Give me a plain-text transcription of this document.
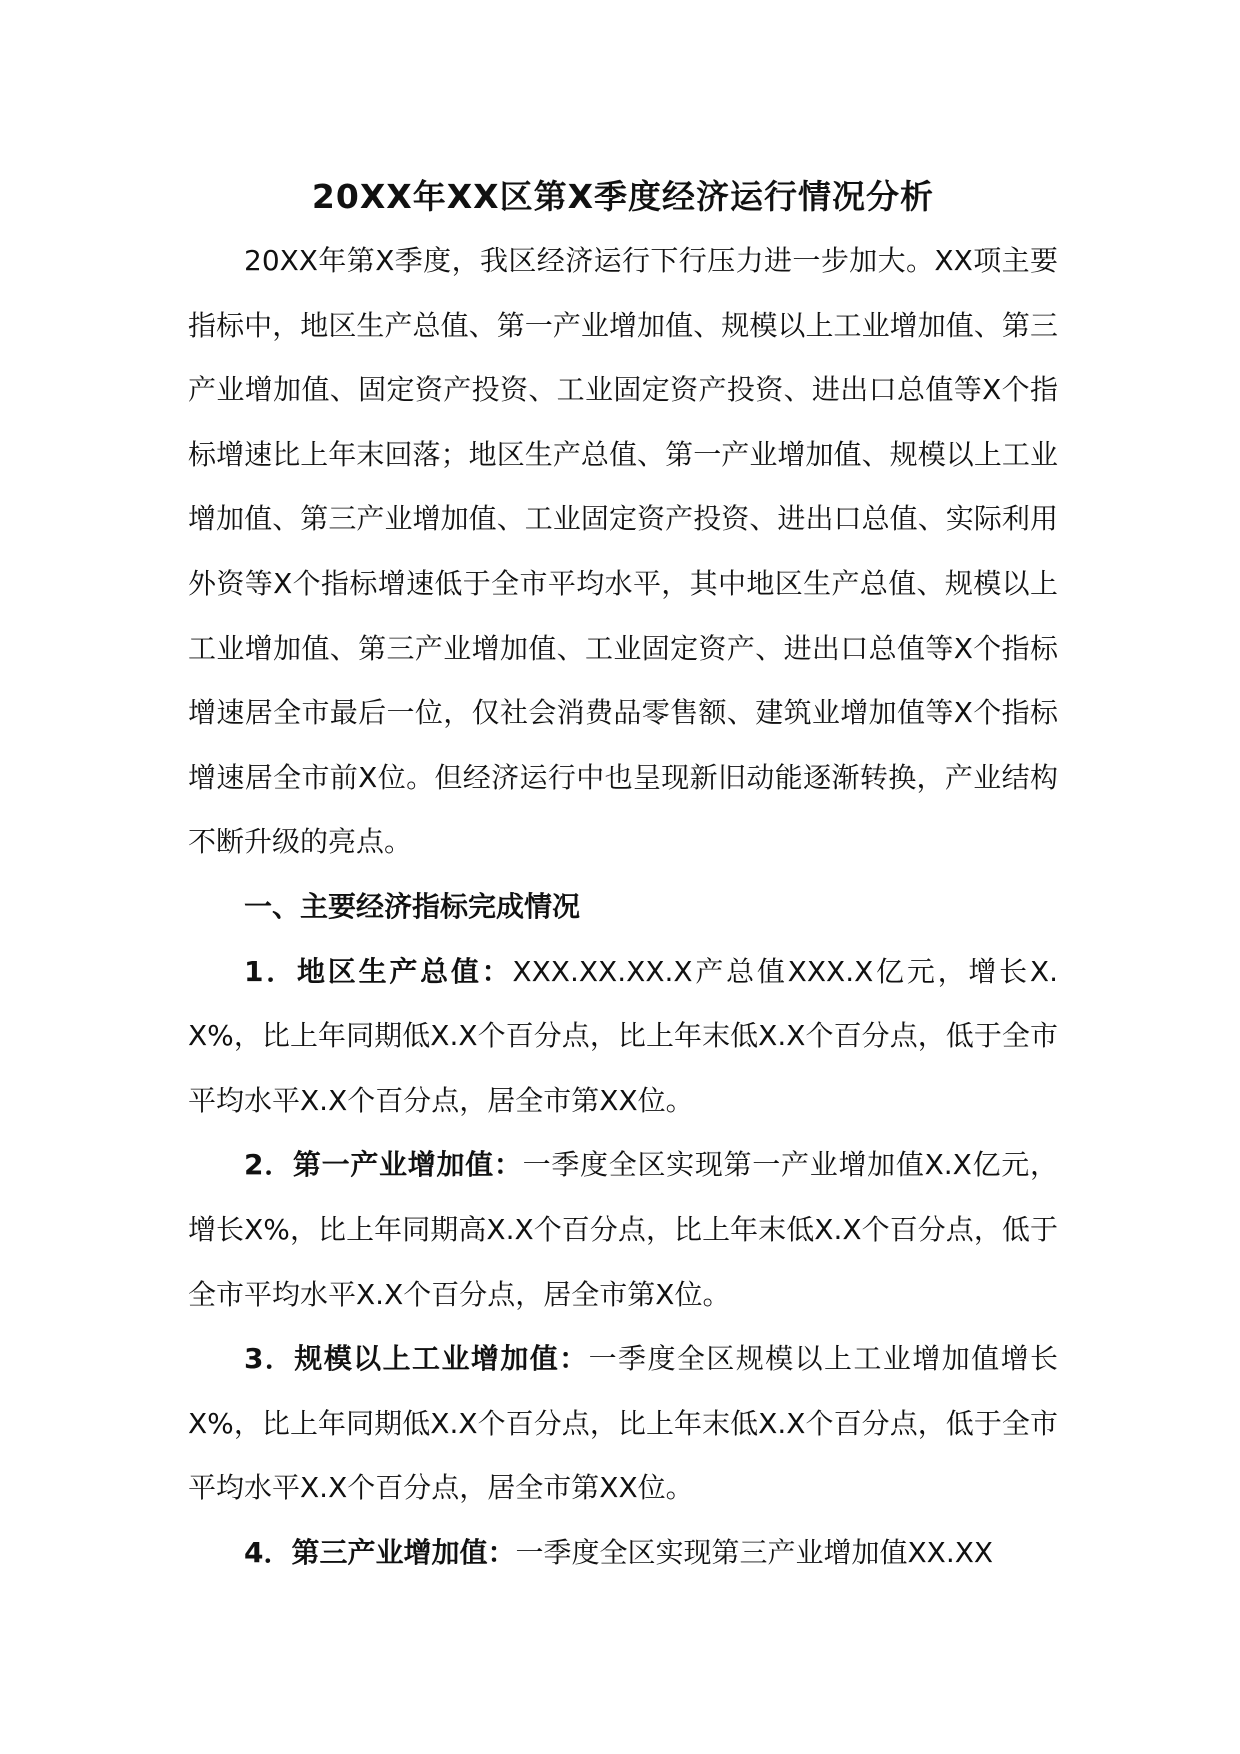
20XX年XX区第X季度经济运行情况分析

20XX年第X季度，我区经济运行下行压力进一步加大。XX项主要指标中，地区生产总值、第一产业增加值、规模以上工业增加值、第三产业增加值、固定资产投资、工业固定资产投资、进出口总值等X个指标增速比上年末回落；地区生产总值、第一产业增加值、规模以上工业增加值、第三产业增加值、工业固定资产投资、进出口总值、实际利用外资等X个指标增速低于全市平均水平，其中地区生产总值、规模以上工业增加值、第三产业增加值、工业固定资产、进出口总值等X个指标增速居全市最后一位，仅社会消费品零售额、建筑业增加值等X个指标增速居全市前X位。但经济运行中也呈现新旧动能逐渐转换，产业结构不断升级的亮点。

一、主要经济指标完成情况

1．地区生产总值：XXX.XX.XX.X产总值XXX.X亿元，增长X.X%，比上年同期低X.X个百分点，比上年末低X.X个百分点，低于全市平均水平X.X个百分点，居全市第XX位。

2．第一产业增加值：一季度全区实现第一产业增加值X.X亿元，增长X%，比上年同期高X.X个百分点，比上年末低X.X个百分点，低于全市平均水平X.X个百分点，居全市第X位。

3．规模以上工业增加值：一季度全区规模以上工业增加值增长X%，比上年同期低X.X个百分点，比上年末低X.X个百分点，低于全市平均水平X.X个百分点，居全市第XX位。

4．第三产业增加值：一季度全区实现第三产业增加值XX.XX
